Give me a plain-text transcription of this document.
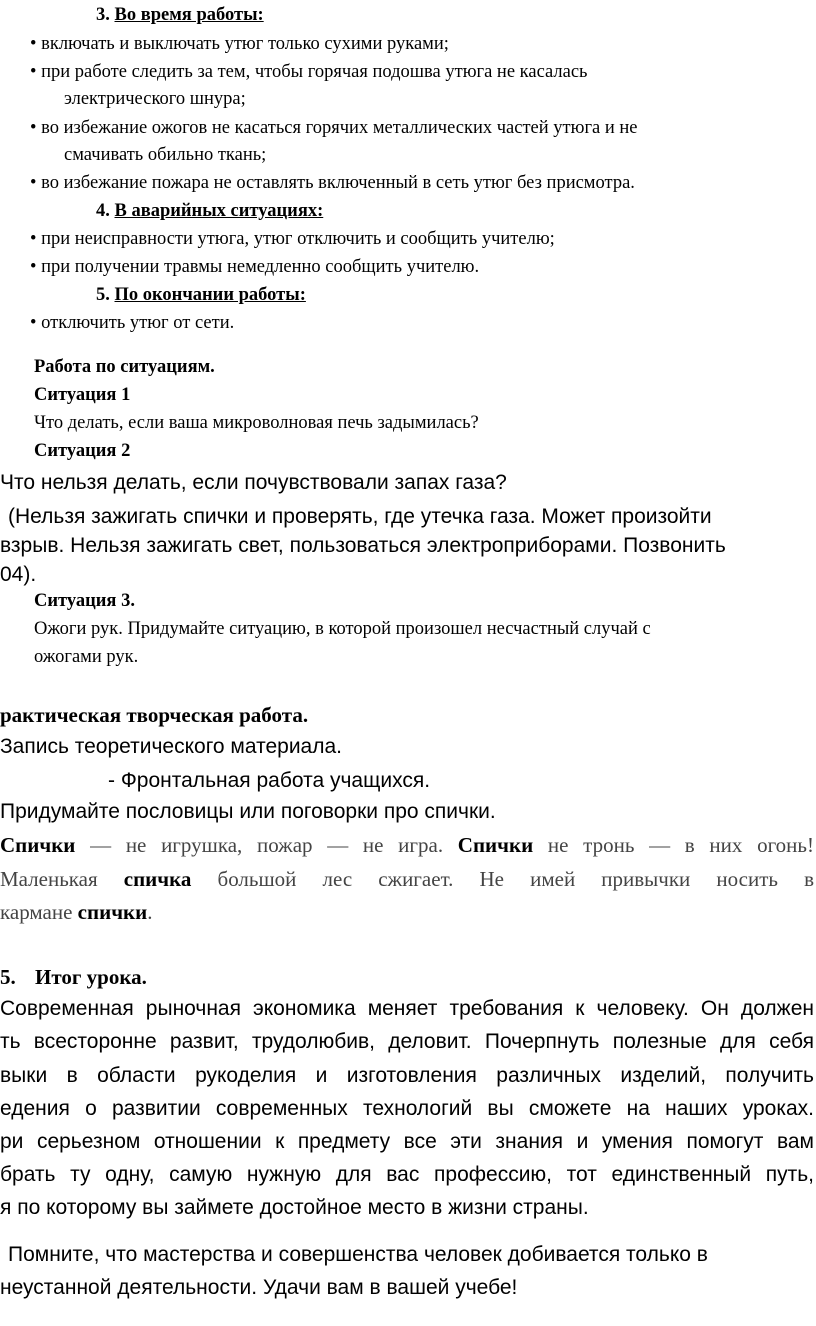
3. Во время работы:
• включать и выключать утюг только сухими руками;
• при работе следить за тем, чтобы горячая подошва утюга не касалась
электрического шнура;
• во избежание ожогов не касаться горячих металлических частей утюга и не
смачивать обильно ткань;
• во избежание пожара не оставлять включенный в сеть утюг без присмотра.
4. В аварийных ситуациях:
• при неисправности утюга, утюг отключить и сообщить учителю;
• при получении травмы немедленно сообщить учителю.
5. По окончании работы:
• отключить утюг от сети.
Работа по ситуациям.
Ситуация 1
Что делать, если ваша микроволновая печь задымилась?
Ситуация 2
Что нельзя делать, если почувствовали запах газа?
(Нельзя зажигать спички и проверять, где утечка газа. Может произойти
взрыв. Нельзя зажигать свет, пользоваться электроприборами. Позвонить
04).
Ситуация 3.
Ожоги рук. Придумайте ситуацию, в которой произошел несчастный случай с
ожогами рук.
рактическая творческая работа.
Запись теоретического материала.
- Фронтальная работа учащихся.
Придумайте пословицы или поговорки про спички.
Спички — не игрушка, пожар — не игра. Спички не тронь — в них огонь!
Маленькая спичка большой лес сжигает. Не имей привычки носить в
кармане спички.
5. Итог урока.
Современная рыночная экономика меняет требования к человеку. Он должен
ть всесторонне развит, трудолюбив, деловит. Почерпнуть полезные для себя
выки в области рукоделия и изготовления различных изделий, получить
едения о развитии современных технологий вы сможете на наших уроках.
ри серьезном отношении к предмету все эти знания и умения помогут вам
брать ту одну, самую нужную для вас профессию, тот единственный путь,
я по которому вы займете достойное место в жизни страны.
Помните, что мастерства и совершенства человек добивается только в
неустанной деятельности. Удачи вам в вашей учебе!
